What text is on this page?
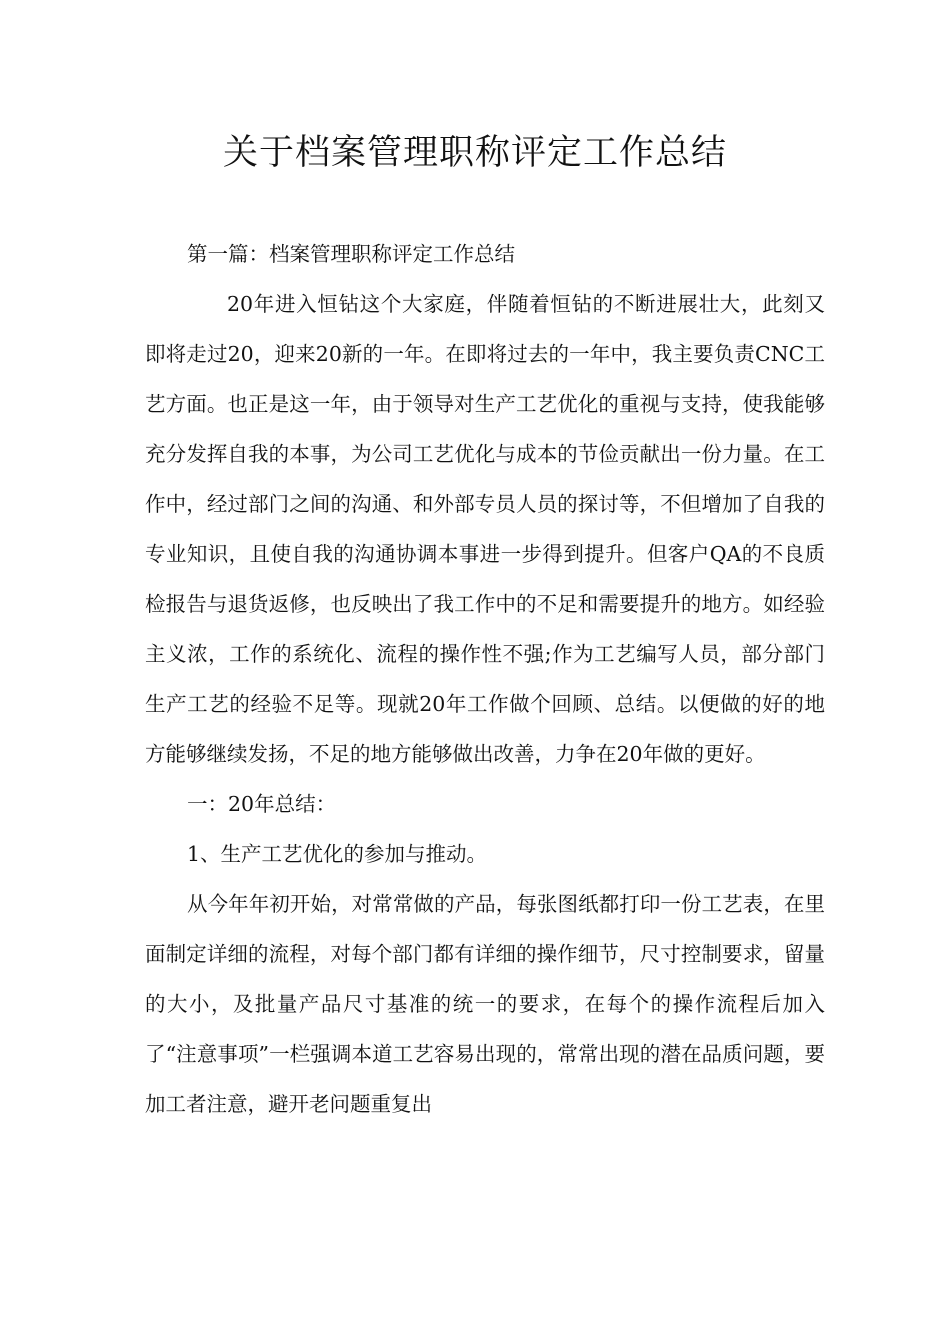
关于档案管理职称评定工作总结

第一篇：档案管理职称评定工作总结

20年进入恒钻这个大家庭，伴随着恒钻的不断进展壮大，此刻又即将走过20，迎来20新的一年。在即将过去的一年中，我主要负责CNC工艺方面。也正是这一年，由于领导对生产工艺优化的重视与支持，使我能够充分发挥自我的本事，为公司工艺优化与成本的节俭贡献出一份力量。在工作中，经过部门之间的沟通、和外部专员人员的探讨等，不但增加了自我的专业知识，且使自我的沟通协调本事进一步得到提升。但客户QA的不良质检报告与退货返修，也反映出了我工作中的不足和需要提升的地方。如经验主义浓，工作的系统化、流程的操作性不强;作为工艺编写人员，部分部门生产工艺的经验不足等。现就20年工作做个回顾、总结。以便做的好的地方能够继续发扬，不足的地方能够做出改善，力争在20年做的更好。

一：20年总结：

1、生产工艺优化的参加与推动。

从今年年初开始，对常常做的产品，每张图纸都打印一份工艺表，在里面制定详细的流程，对每个部门都有详细的操作细节，尺寸控制要求，留量的大小，及批量产品尺寸基准的统一的要求，在每个的操作流程后加入了“注意事项”一栏强调本道工艺容易出现的，常常出现的潜在品质问题，要加工者注意，避开老问题重复出
